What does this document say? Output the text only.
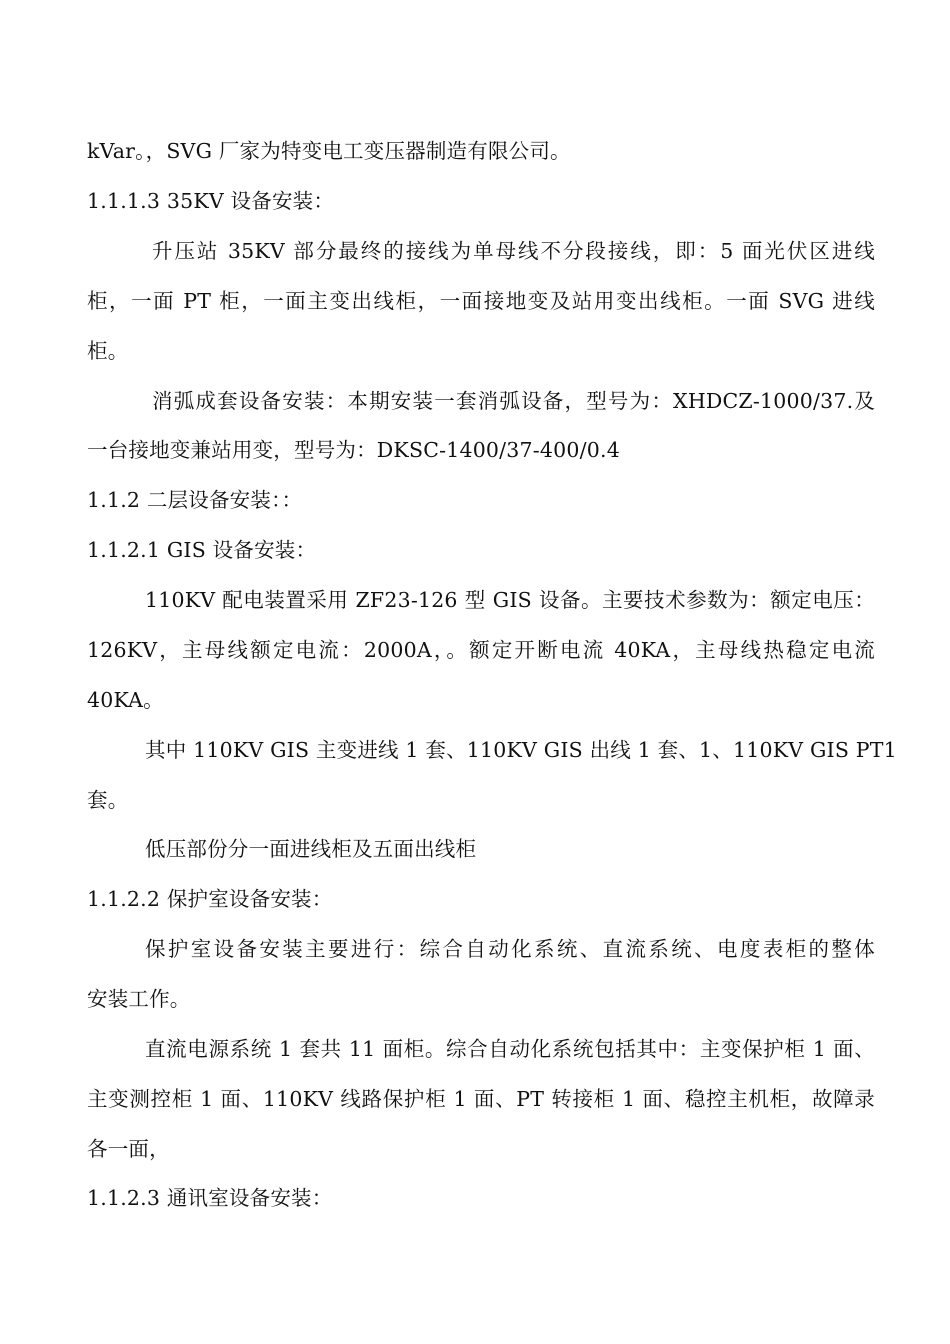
kVar。，SVG 厂家为特变电工变压器制造有限公司。
1.1.1.3 35KV 设备安装：
升压站 35KV 部分最终的接线为单母线不分段接线，即：5 面光伏区进线
柜，一面 PT 柜，一面主变出线柜，一面接地变及站用变出线柜。一面 SVG 进线
柜。
消弧成套设备安装：本期安装一套消弧设备，型号为：XHDCZ-1000/37.及
一台接地变兼站用变，型号为：DKSC-1400/37-400/0.4
1.1.2 二层设备安装：：
1.1.2.1 GIS 设备安装：
110KV 配电装置采用 ZF23-126 型 GIS 设备。主要技术参数为：额定电压：
126KV，主母线额定电流：2000A，。额定开断电流 40KA，主母线热稳定电流
40KA。
其中 110KV GIS 主变进线 1 套、110KV GIS 出线 1 套、1、110KV GIS PT1
套。
低压部份分一面进线柜及五面出线柜
1.1.2.2 保护室设备安装：
保护室设备安装主要进行：综合自动化系统、直流系统、电度表柜的整体
安装工作。
直流电源系统 1 套共 11 面柜。综合自动化系统包括其中：主变保护柜 1 面、
主变测控柜 1 面、110KV 线路保护柜 1 面、PT 转接柜 1 面、稳控主机柜，故障录
各一面，
1.1.2.3 通讯室设备安装：
